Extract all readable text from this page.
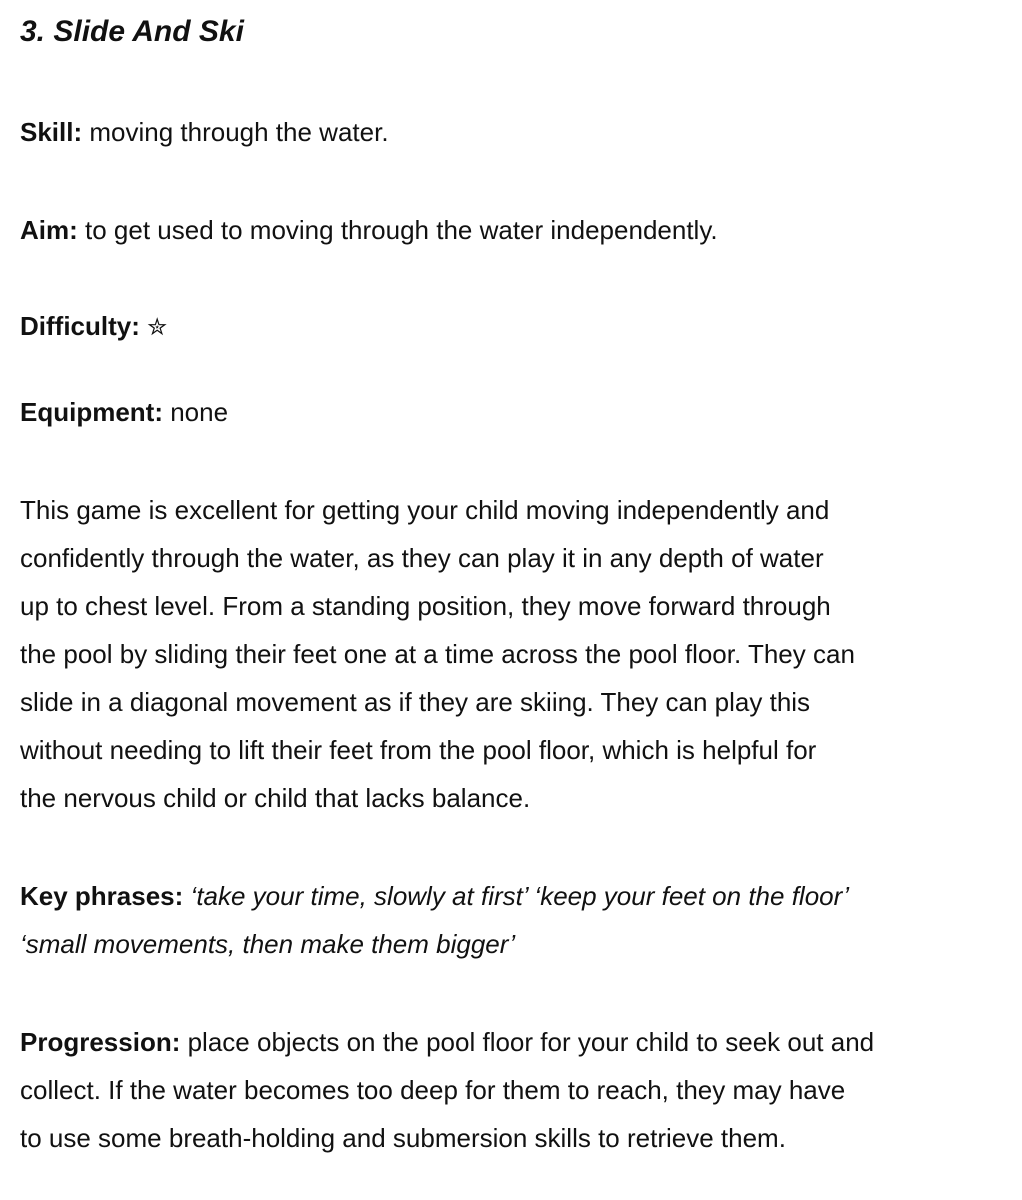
3. Slide And Ski
Skill: moving through the water.
Aim: to get used to moving through the water independently.
Difficulty: ✮
Equipment: none
This game is excellent for getting your child moving independently and
confidently through the water, as they can play it in any depth of water
up to chest level. From a standing position, they move forward through
the pool by sliding their feet one at a time across the pool floor. They can
slide in a diagonal movement as if they are skiing. They can play this
without needing to lift their feet from the pool floor, which is helpful for
the nervous child or child that lacks balance.
Key phrases: ‘take your time, slowly at first’ ‘keep your feet on the floor’
‘small movements, then make them bigger’
Progression: place objects on the pool floor for your child to seek out and
collect. If the water becomes too deep for them to reach, they may have
to use some breath-holding and submersion skills to retrieve them.
